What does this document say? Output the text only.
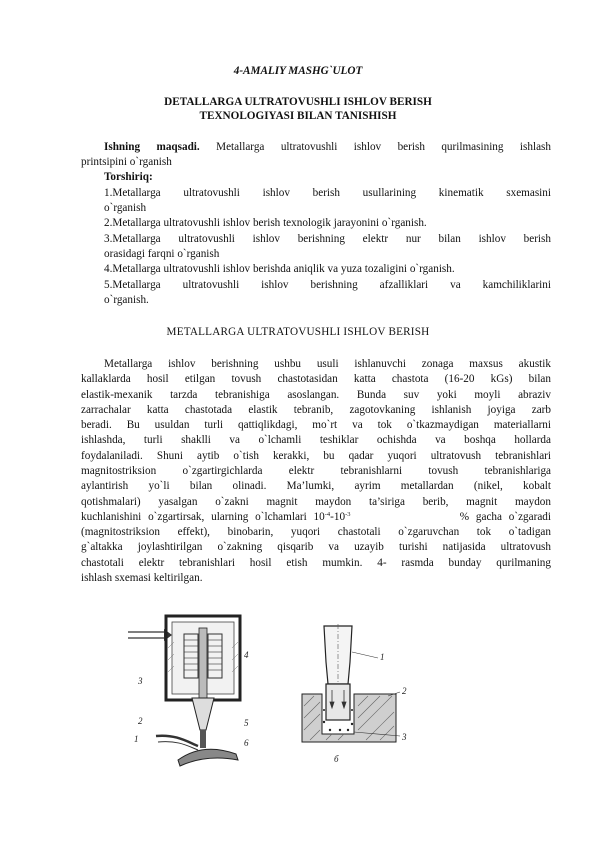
4-AMALIY MASHG`ULOT
DETALLARGA ULTRATOVUSHLI ISHLOV BERISH
TEXNOLOGIYASI BILAN TANISHISH
Ishning maqsadi. Metallarga ultratovushli ishlov berish qurilmasining ishlash
printsipini o`rganish
Torshiriq:
1.Metallarga ultratovushli ishlov berish usullarining kinematik sxemasini
o`rganish
2.Metallarga ultratovushli ishlov berish texnologik jarayonini o`rganish.
3.Metallarga ultratovushli ishlov berishning elektr nur bilan ishlov berish
orasidagi farqni o`rganish
4.Metallarga ultratovushli ishlov berishda aniqlik va yuza tozaligini o`rganish.
5.Metallarga ultratovushli ishlov berishning afzalliklari va kamchiliklarini
o`rganish.
METALLARGA ULTRATOVUSHLI ISHLOV BERISH
Metallarga ishlov berishning ushbu usuli ishlanuvchi zonaga maxsus akustik
kallaklarda hosil etilgan tovush chastotasidan katta chastota (16-20 kGs) bilan
elastik-mexanik tarzda tebranishiga asoslangan. Bunda suv yoki moyli abraziv
zarrachalar katta chastotada elastik tebranib, zagotovkaning ishlanish joyiga zarb
beradi. Bu usuldan turli qattiqlikdagi, mo`rt va tok o`tkazmaydigan materiallarni
ishlashda, turli shaklli va o`lchamli teshiklar ochishda va boshqa hollarda
foydalaniladi. Shuni aytib o`tish kerakki, bu qadar yuqori ultratovush tebranishlari
magnitostriksion o`zgartirgichlarda elektr tebranishlarni tovush tebranishlariga
aylantirish yo`li bilan olinadi. Ma’lumki, ayrim metallardan (nikel, kobalt
qotishmalari) yasalgan o`zakni magnit maydon ta’siriga berib, magnit maydon
kuchlanishini o`zgartirsak, ularning o`lchamlari $10^{-4}-10^{-3}$	% gacha o`zgaradi
(magnitostriksion effekt), binobarin, yuqori chastotali o`zgaruvchan tok o`tadigan
g`altakka joylashtirilgan o`zakning qisqarib va uzayib turishi natijasida ultratovush
chastotali elektr tebranishlari hosil etish mumkin. 4- rasmda bunday qurilmaning
ishlash sxemasi keltirilgan.
3
2
1
4
5
6
1
2
3
б
